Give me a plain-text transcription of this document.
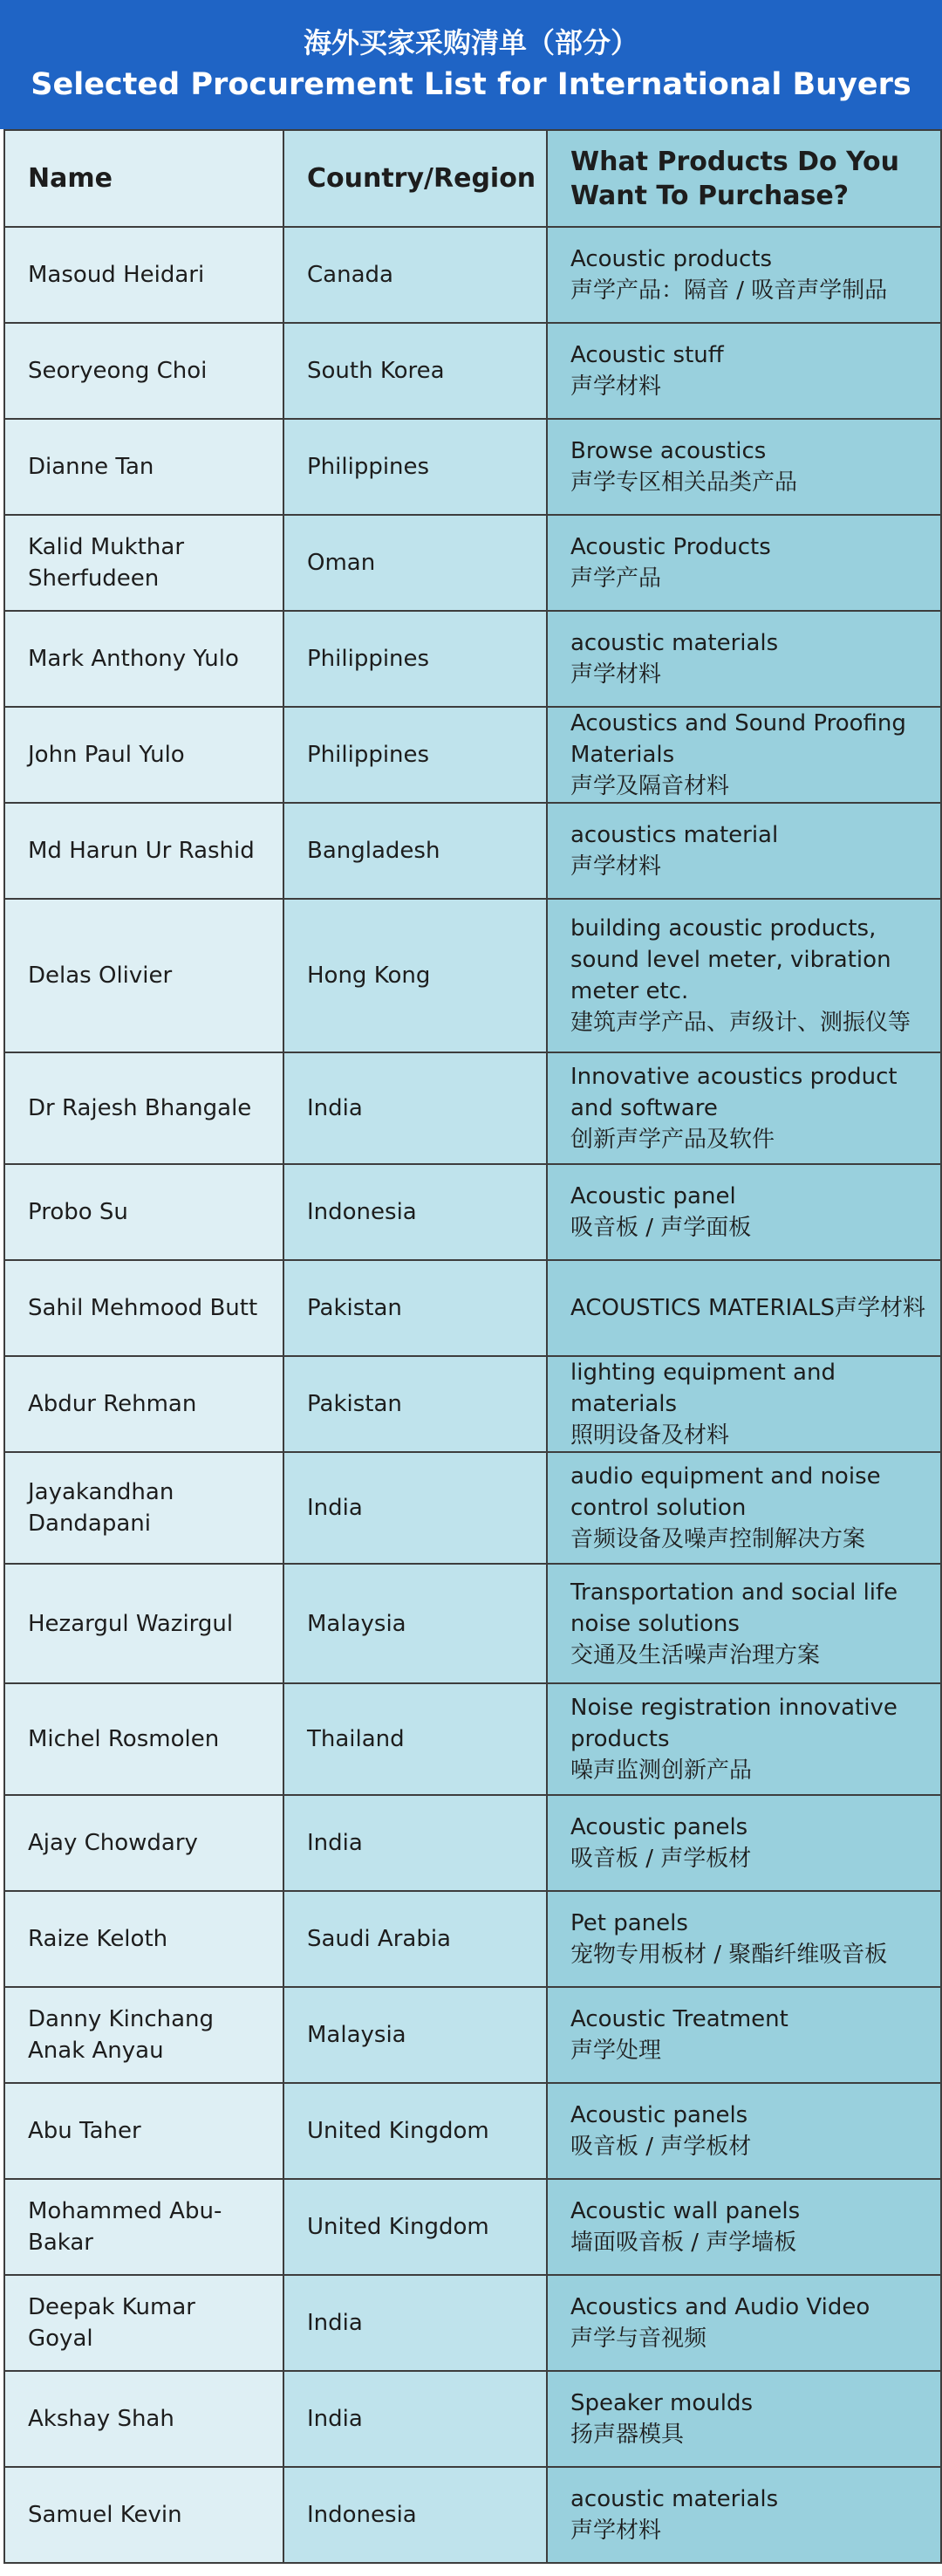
海外买家采购清单（部分）
Selected Procurement List for International Buyers
Name	Country/Region	What Products Do You Want To Purchase?
Masoud Heidari	Canada	Acoustic products
声学产品：隔音 / 吸音声学制品

Seoryeong Choi	South Korea	Acoustic stuff
声学材料

Dianne Tan	Philippines	Browse acoustics
声学专区相关品类产品

Kalid Mukthar Sherfudeen	Oman	Acoustic Products
声学产品

Mark Anthony Yulo	Philippines	acoustic materials
声学材料

John Paul Yulo	Philippines	Acoustics and Sound Proofing Materials
声学及隔音材料

Md Harun Ur Rashid	Bangladesh	acoustics material
声学材料

Delas Olivier	Hong Kong	building acoustic products, sound level meter, vibration meter etc.
建筑声学产品、声级计、测振仪等

Dr Rajesh Bhangale	India	Innovative acoustics product and software
创新声学产品及软件

Probo Su	Indonesia	Acoustic panel
吸音板 / 声学面板

Sahil Mehmood Butt	Pakistan	ACOUSTICS MATERIALS声学材料
Abdur Rehman	Pakistan	lighting equipment and materials
照明设备及材料

Jayakandhan Dandapani	India	audio equipment and noise control solution
音频设备及噪声控制解决方案

Hezargul Wazirgul	Malaysia	Transportation and social life noise solutions
交通及生活噪声治理方案

Michel Rosmolen	Thailand	Noise registration innovative products
噪声监测创新产品

Ajay Chowdary	India	Acoustic panels
吸音板 / 声学板材

Raize Keloth	Saudi Arabia	Pet panels
宠物专用板材 / 聚酯纤维吸音板

Danny Kinchang Anak Anyau	Malaysia	Acoustic Treatment
声学处理

Abu Taher	United Kingdom	Acoustic panels
吸音板 / 声学板材

Mohammed Abu-Bakar	United Kingdom	Acoustic wall panels
墙面吸音板 / 声学墙板

Deepak Kumar Goyal	India	Acoustics and Audio Video
声学与音视频

Akshay Shah	India	Speaker moulds
扬声器模具

Samuel Kevin	Indonesia	acoustic materials
声学材料
